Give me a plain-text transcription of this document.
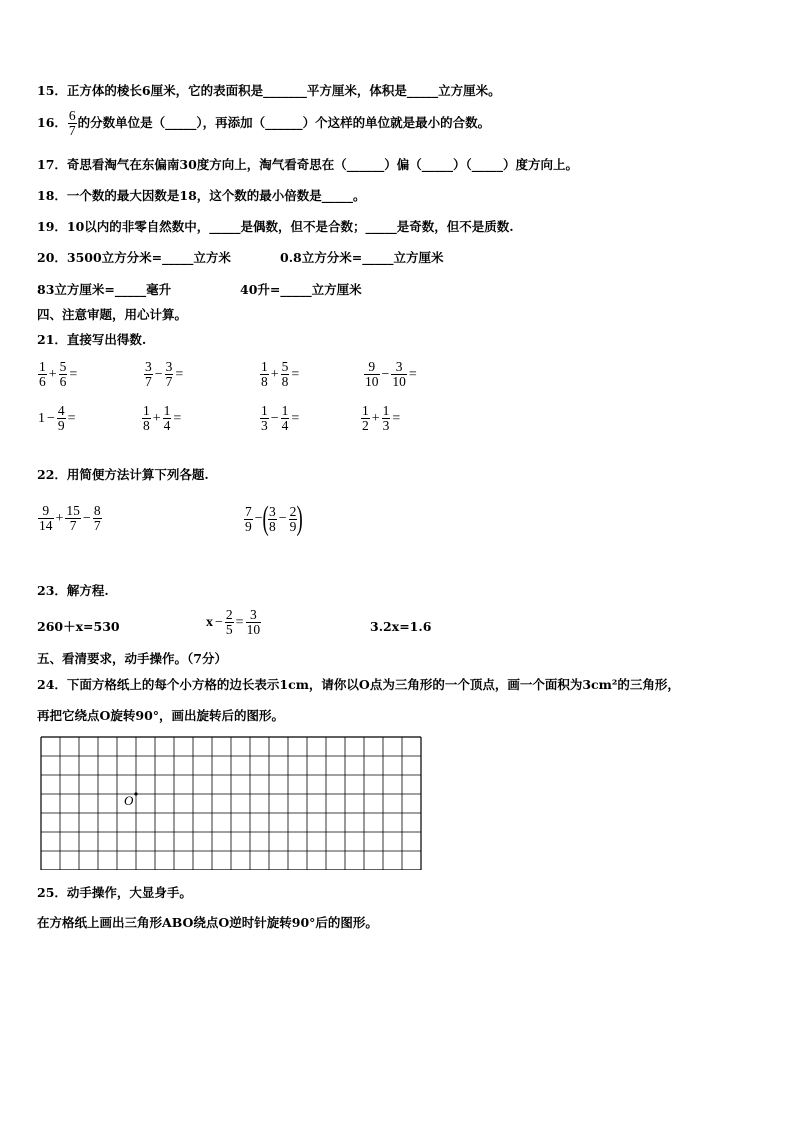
15．正方体的棱长6厘米，它的表面积是_______平方厘米，体积是_____立方厘米。
16． $\frac{6}{7}$ 的分数单位是（_____），再添加（______）个这样的单位就是最小的合数。
17．奇思看淘气在东偏南30度方向上，淘气看奇思在（______）偏（_____）（_____）度方向上。
18．一个数的最大因数是18，这个数的最小倍数是_____。
19．10以内的非零自然数中，_____是偶数，但不是合数；_____是奇数，但不是质数.
20．3500立方分米=_____立方米	0.8立方分米=_____立方厘米
83立方厘米=_____毫升	40升=_____立方厘米
四、注意审题，用心计算。
21．直接写出得数.
$\frac{1}{6} + \frac{5}{6}$ =	$\frac{3}{7} - \frac{3}{7}$ =	$\frac{1}{8} + \frac{5}{8}$ =	$\frac{9}{10} - \frac{3}{10}$ =
$1 - \frac{4}{9}$ =	$\frac{1}{8} + \frac{1}{4}$ =	$\frac{1}{3} - \frac{1}{4}$ =	$\frac{1}{2} + \frac{1}{3}$ =
22．用简便方法计算下列各题.
$\frac{9}{14} + \frac{15}{7} - \frac{8}{7}$	$\frac{7}{9}$ −( $\frac{3}{8} - \frac{2}{9}$ )
23．解方程.
260＋x=530	$x - \frac{2}{5} = \frac{3}{10}$	3.2x=1.6
五、看清要求，动手操作。（7分）
24．下面方格纸上的每个小方格的边长表示1cm，请你以O点为三角形的一个顶点，画一个面积为3cm²的三角形，
再把它绕点O旋转90°，画出旋转后的图形。
O
25．动手操作，大显身手。
在方格纸上画出三角形ABO绕点O逆时针旋转90°后的图形。
